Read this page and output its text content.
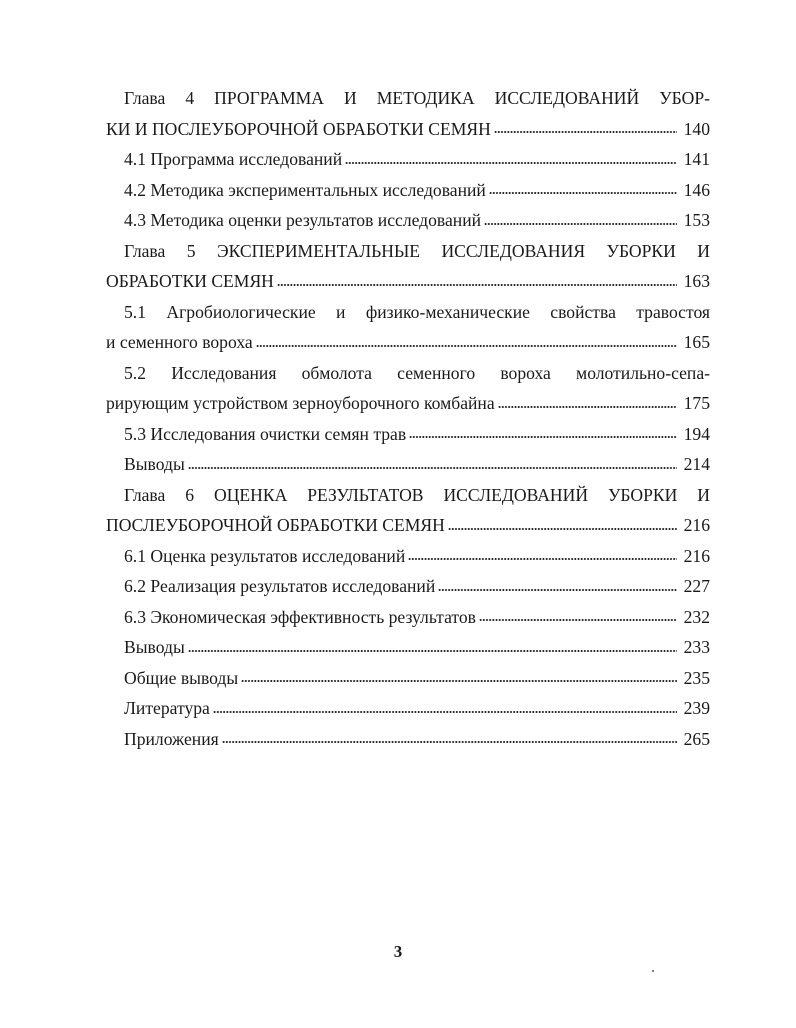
Глава 4 ПРОГРАММА И МЕТОДИКА ИССЛЕДОВАНИЙ УБОР-
КИ И ПОСЛЕУБОРОЧНОЙ ОБРАБОТКИ СЕМЯН	140
4.1 Программа исследований	141
4.2 Методика экспериментальных исследований	146
4.3 Методика оценки результатов исследований	153
Глава 5 ЭКСПЕРИМЕНТАЛЬНЫЕ ИССЛЕДОВАНИЯ УБОРКИ И
ОБРАБОТКИ СЕМЯН	163
5.1 Агробиологические и физико-механические свойства травостоя
и семенного вороха	165
5.2 Исследования обмолота семенного вороха молотильно-сепа-
рирующим устройством зерноуборочного комбайна	175
5.3 Исследования очистки семян трав	194
Выводы	214
Глава 6 ОЦЕНКА РЕЗУЛЬТАТОВ ИССЛЕДОВАНИЙ УБОРКИ И
ПОСЛЕУБОРОЧНОЙ ОБРАБОТКИ СЕМЯН	216
6.1 Оценка результатов исследований	216
6.2 Реализация результатов исследований	227
6.3 Экономическая эффективность результатов	232
Выводы	233
Общие выводы	235
Литература	239
Приложения	265
3
